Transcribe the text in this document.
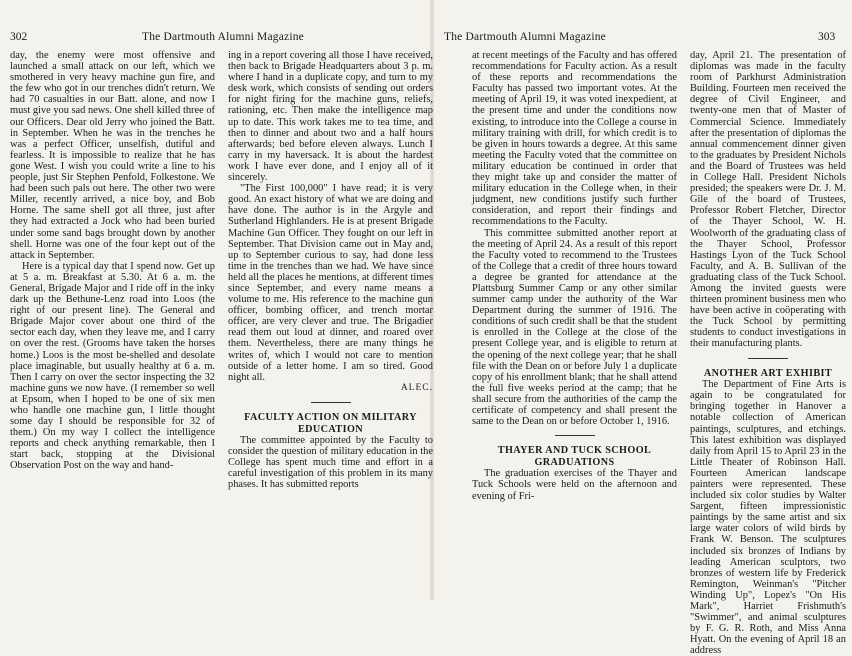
302	The Dartmouth Alumni Magazine

day, the enemy were most offensive and launched a small attack on our left, which we smothered in very heavy machine gun fire, and the few who got in our trenches didn't return. We had 70 casualties in our Batt. alone, and now I must give you sad news. One shell killed three of our Officers. Dear old Jerry who joined the Batt. in September. When he was in the trenches he was a perfect Officer, unselfish, dutiful and fearless. It is impossible to realize that he has gone West. I wish you could write a line to his people, just Sir Stephen Penfold, Folkestone. We had been such pals out here. The other two were Miller, recently arrived, a nice boy, and Bob Horne. The same shell got all three, just after they had extracted a Jock who had been buried under some sand bags brought down by another shell. Horne was one of the four kept out of the attack in September.

Here is a typical day that I spend now. Get up at 5 a. m. Breakfast at 5.30. At 6 a. m. the General, Brigade Major and I ride off in the inky dark up the Bethune-Lenz road into Loos (the right of our present line). The General and Brigade Major cover about one third of the sector each day, when they leave me, and I carry on over the rest. (Grooms have taken the horses home.) Loos is the most be-shelled and desolate place imaginable, but usually healthy at 6 a. m. Then I carry on over the sector inspecting the 32 machine guns we now have. (I remember so well at Epsom, when I hoped to be one of six men who handle one machine gun, I little thought some day I should be responsible for 32 of them.) On my way I collect the intelligence reports and check anything remarkable, then I start back, stopping at the Divisional Observation Post on the way and hand-

ing in a report covering all those I have received, then back to Brigade Headquarters about 3 p. m. where I hand in a duplicate copy, and turn to my desk work, which consists of sending out orders for night firing for the machine guns, reliefs, rationing, etc. Then make the intelligence map up to date. This work takes me to tea time, and then to dinner and about two and a half hours afterwards; bed before eleven always. Lunch I carry in my haversack. It is about the hardest work I have ever done, and I enjoy all of it sincerely.

"The First 100,000" I have read; it is very good. An exact history of what we are doing and have done. The author is in the Argyle and Sutherland Highlanders. He is at present Brigade Machine Gun Officer. They fought on our left in September. That Division came out in May and, up to September curious to say, had done less time in the trenches than we had. We have since held all the places he mentions, at different times since September, and every name means a volume to me. His reference to the machine gun officer, bombing officer, and trench mortar officer, are very clever and true. The Brigadier read them out loud at dinner, and roared over them. Nevertheless, there are many things he writes of, which I would not care to mention outside of a letter home. I am so tired. Good night all.

ALEC.

FACULTY ACTION ON MILITARY EDUCATION

The committee appointed by the Faculty to consider the question of military education in the College has spent much time and effort in a careful investigation of this problem in its many phases. It has submitted reports

The Dartmouth Alumni Magazine	303

at recent meetings of the Faculty and has offered recommendations for Faculty action. As a result of these reports and recommendations the Faculty has passed two important votes. At the meeting of April 19, it was voted inexpedient, at the present time and under the conditions now existing, to introduce into the College a course in military training with drill, for which credit is to be given in hours towards a degree. At this same meeting the Faculty voted that the committee on military education be continued in order that they might take up and consider the matter of military education in the College when, in their judgment, new conditions justify such further consideration, and report their findings and recommendations to the Faculty.

This committee submitted another report at the meeting of April 24. As a result of this report the Faculty voted to recommend to the Trustees of the College that a credit of three hours toward a degree be granted for attendance at the Plattsburg Summer Camp or any other similar summer camp under the authority of the War Department during the summer of 1916. The conditions of such credit shall be that the student is enrolled in the College at the close of the present College year, and is eligible to return at the opening of the next college year; that he shall file with the Dean on or before July 1 a duplicate copy of his enrollment blank; that he shall attend the full five weeks period at the camp; that he shall secure from the authorities of the camp the certificate of competency and shall present the same to the Dean on or before October 1, 1916.

THAYER AND TUCK SCHOOL GRADUATIONS

The graduation exercises of the Thayer and Tuck Schools were held on the afternoon and evening of Fri-

day, April 21. The presentation of diplomas was made in the faculty room of Parkhurst Administration Building. Fourteen men received the degree of Civil Engineer, and twenty-one men that of Master of Commercial Science. Immediately after the presentation of diplomas the annual commencement dinner given to the graduates by President Nichols and the Board of Trustees was held in College Hall. President Nichols presided; the speakers were Dr. J. M. Gile of the board of Trustees, Professor Robert Fletcher, Director of the Thayer School, W. H. Woolworth of the graduating class of the Thayer School, Professor Hastings Lyon of the Tuck School Faculty, and A. B. Sullivan of the graduating class of the Tuck School. Among the invited guests were thirteen prominent business men who have been active in coöperating with the Tuck School by permitting students to conduct investigations in their manufacturing plants.

ANOTHER ART EXHIBIT

The Department of Fine Arts is again to be congratulated for bringing together in Hanover a notable collection of American paintings, sculptures, and etchings. This latest exhibition was displayed daily from April 15 to April 23 in the Little Theater of Robinson Hall. Fourteen American landscape painters were represented. These included six color studies by Walter Sargent, fifteen impressionistic paintings by the same artist and six large water colors of wild birds by Frank W. Benson. The sculptures included six bronzes of Indians by leading American sculptors, two bronzes of western life by Frederick Remington, Weinman's "Pitcher Winding Up", Lopez's "On His Mark", Harriet Frishmuth's "Swimmer", and animal sculptures by F. G. R. Roth, and Miss Anna Hyatt. On the evening of April 18 an address
